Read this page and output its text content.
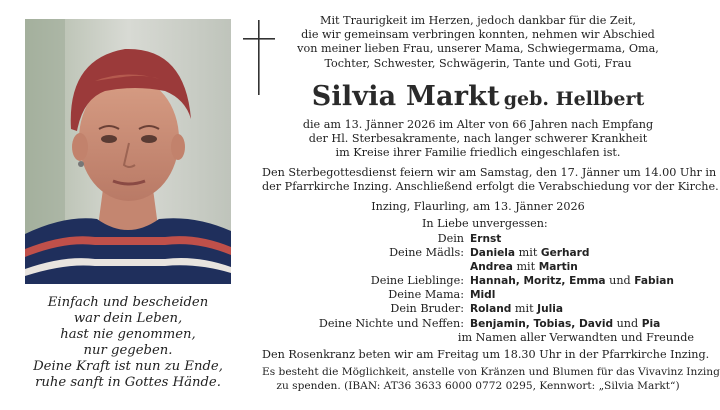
Einfach und bescheiden
war dein Leben,
hast nie genommen,
nur gegeben.
Deine Kraft ist nun zu Ende,
ruhe sanft in Gottes Hände.
Mit Traurigkeit im Herzen, jedoch dankbar für die Zeit,
die wir gemeinsam verbringen konnten, nehmen wir Abschied
von meiner lieben Frau, unserer Mama, Schwiegermama, Oma,
Tochter, Schwester, Schwägerin, Tante und Goti, Frau
Silvia Markt geb. Hellbert
die am 13. Jänner 2026 im Alter von 66 Jahren nach Empfang
der Hl. Sterbesakramente, nach langer schwerer Krankheit
im Kreise ihrer Familie friedlich eingeschlafen ist.
Den Sterbegottesdienst feiern wir am Samstag, den 17. Jänner um 14.00 Uhr in
der Pfarrkirche Inzing. Anschließend erfolgt die Verabschiedung vor der Kirche.
Inzing, Flaurling, am 13. Jänner 2026
In Liebe unvergessen:
Dein Ernst
Deine Mädls: Daniela mit Gerhard
Andrea mit Martin
Deine Lieblinge: Hannah, Moritz, Emma und Fabian
Deine Mama: Midl
Dein Bruder: Roland mit Julia
Deine Nichte und Neffen: Benjamin, Tobias, David und Pia
im Namen aller Verwandten und Freunde
Den Rosenkranz beten wir am Freitag um 18.30 Uhr in der Pfarrkirche Inzing.
Es besteht die Möglichkeit, anstelle von Kränzen und Blumen für das Vivavinz Inzing
zu spenden. (IBAN: AT36 3633 6000 0772 0295, Kennwort: „Silvia Markt“)
